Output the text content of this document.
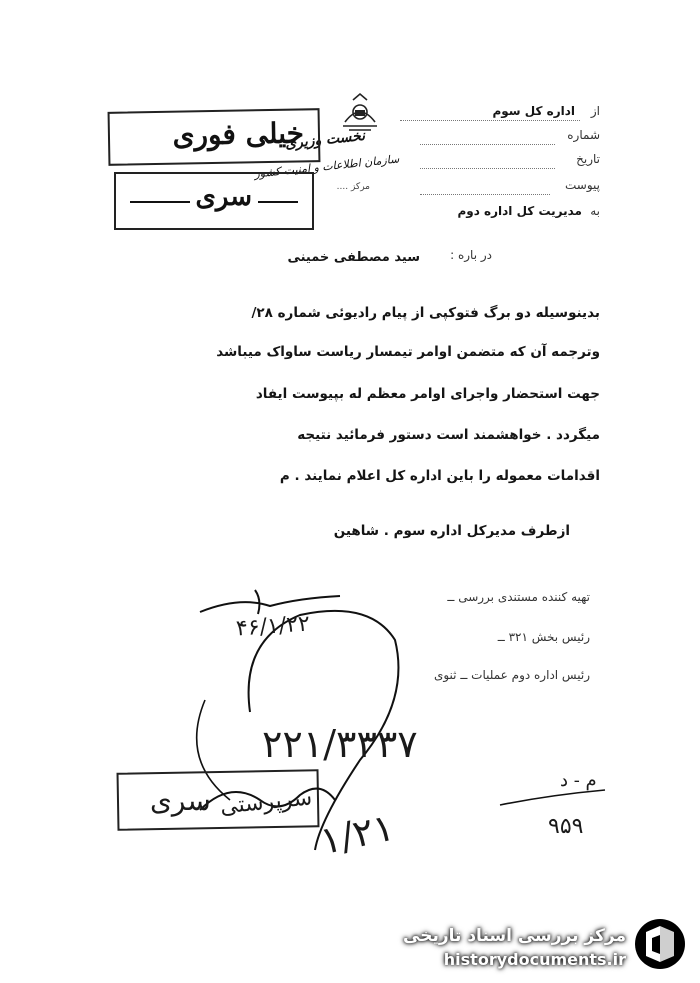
نخست وزیری
سازمان اطلاعات و امنیت کشور
مرکز ....
از
اداره کل سوم
شماره
تاریخ
پیوست
به
مدیریت کل اداره دوم
خیلی فوری
سری
در باره :
سید مصطفی خمینی
بدینوسیله دو برگ فتوکپی از پیام رادیوئی شماره ۲۸/
وترجمه آن که متضمن اوامر تیمسار ریاست ساواک میباشد
جهت استحضار واجرای اوامر معظم له بپیوست ایفاد
میگردد . خواهشمند است دستور فرمائید نتیجه
اقدامات معموله را باین اداره کل اعلام نمایند . م
ازطرف مدیرکل اداره سوم . شاهین
تهیه کننده مستندی بررسی ــ
رئیس بخش ۳۲۱ ــ
رئیس اداره دوم عملیات ــ ثنوی
۴۶/۱/۲۲
۲۲۱/۳۳۳۷
۱/۲۱
م - د
۹۵۹
سری سرپرستی
مرکز بررسی اسناد تاریخی
historydocuments.ir
